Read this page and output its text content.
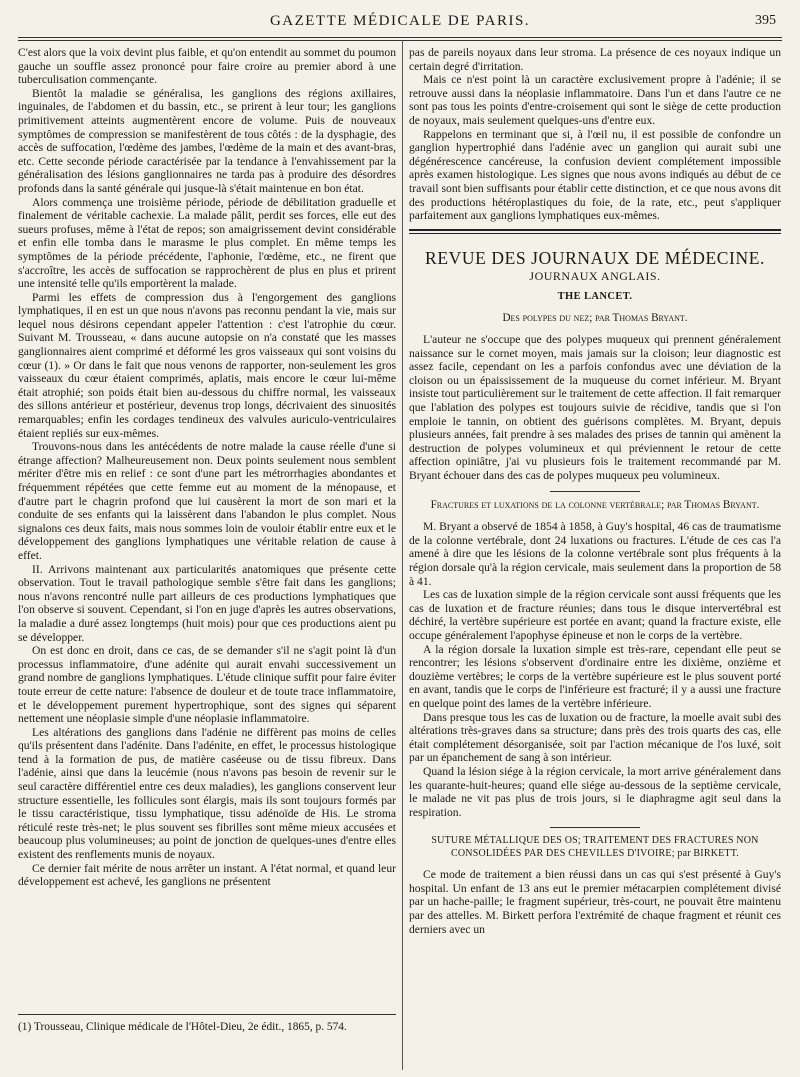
GAZETTE MÉDICALE DE PARIS.	395

C'est alors que la voix devint plus faible, et qu'on entendit au sommet du poumon gauche un souffle assez prononcé pour faire croire au premier abord à une tuberculisation commençante.

Bientôt la maladie se généralisa, les ganglions des régions axillaires, inguinales, de l'abdomen et du bassin, etc., se prirent à leur tour; les ganglions primitivement atteints augmentèrent encore de volume. Puis de nouveaux symptômes de compression se manifestèrent de tous côtés : de la dysphagie, des accès de suffocation, l'œdème des jambes, l'œdème de la main et des avant-bras, etc. Cette seconde période caractérisée par la tendance à l'envahissement par la généralisation des lésions ganglionnaires ne tarda pas à produire des désordres profonds dans la santé générale qui jusque-là s'était maintenue en bon état.

Alors commença une troisième période, période de débilitation graduelle et finalement de véritable cachexie. La malade pâlit, perdit ses forces, elle eut des sueurs profuses, même à l'état de repos; son amaigrissement devint considérable et enfin elle tomba dans le marasme le plus complet. En même temps les symptômes de la période précédente, l'aphonie, l'œdème, etc., ne firent que s'accroître, les accès de suffocation se rapprochèrent de plus en plus et prirent une intensité telle qu'ils emportèrent la malade.

Parmi les effets de compression dus à l'engorgement des ganglions lymphatiques, il en est un que nous n'avons pas reconnu pendant la vie, mais sur lequel nous désirons cependant appeler l'attention : c'est l'atrophie du cœur. Suivant M. Trousseau, « dans aucune autopsie on n'a constaté que les masses ganglionnaires aient comprimé et déformé les gros vaisseaux qui sont voisins du cœur (1). » Or dans le fait que nous venons de rapporter, non-seulement les gros vaisseaux du cœur étaient comprimés, aplatis, mais encore le cœur lui-même était atrophié; son poids était bien au-dessous du chiffre normal, les vaisseaux des sillons antérieur et postérieur, devenus trop longs, décrivaient des sinuosités remarquables; enfin les cordages tendineux des valvules auriculo-ventriculaires étaient repliés sur eux-mêmes.

Trouvons-nous dans les antécédents de notre malade la cause réelle d'une si étrange affection? Malheureusement non. Deux points seulement nous semblent mériter d'être mis en relief : ce sont d'une part les métrorrhagies abondantes et fréquemment répétées que cette femme eut au moment de la ménopause, et d'autre part le chagrin profond que lui causèrent la mort de son mari et la conduite de ses enfants qui la laissèrent dans l'abandon le plus complet. Nous signalons ces deux faits, mais nous sommes loin de vouloir établir entre eux et le développement des ganglions lymphatiques une véritable relation de cause à effet.

II. Arrivons maintenant aux particularités anatomiques que présente cette observation. Tout le travail pathologique semble s'être fait dans les ganglions; nous n'avons rencontré nulle part ailleurs de ces productions lymphatiques que l'on observe si souvent. Cependant, si l'on en juge d'après les autres observations, la maladie a duré assez longtemps (huit mois) pour que ces productions aient pu se développer.

On est donc en droit, dans ce cas, de se demander s'il ne s'agit point là d'un processus inflammatoire, d'une adénite qui aurait envahi successivement un grand nombre de ganglions lymphatiques. L'étude clinique suffit pour faire éviter toute erreur de cette nature: l'absence de douleur et de toute trace inflammatoire, et le développement purement hypertrophique, sont des signes qui séparent nettement une néoplasie simple d'une néoplasie inflammatoire.

Les altérations des ganglions dans l'adénie ne diffèrent pas moins de celles qu'ils présentent dans l'adénite. Dans l'adénite, en effet, le processus histologique tend à la formation de pus, de matière caséeuse ou de tissu fibreux. Dans l'adénie, ainsi que dans la leucémie (nous n'avons pas besoin de revenir sur le seul caractère différentiel entre ces deux maladies), les ganglions conservent leur structure essentielle, les follicules sont élargis, mais ils sont toujours formés par le tissu caractéristique, tissu lymphatique, tissu adénoïde de His. Le stroma réticulé reste très-net; le plus souvent ses fibrilles sont même mieux accusées et beaucoup plus volumineuses; au point de jonction de quelques-unes d'entre elles existent des renflements munis de noyaux.

Ce dernier fait mérite de nous arrêter un instant. A l'état normal, et quand leur développement est achevé, les ganglions ne présentent

(1) Trousseau, Clinique médicale de l'Hôtel-Dieu, 2e édit., 1865, p. 574.

pas de pareils noyaux dans leur stroma. La présence de ces noyaux indique un certain degré d'irritation.

Mais ce n'est point là un caractère exclusivement propre à l'adénie; il se retrouve aussi dans la néoplasie inflammatoire. Dans l'un et dans l'autre ce ne sont pas tous les points d'entre-croisement qui sont le siège de cette production de noyaux, mais seulement quelques-uns d'entre eux.

Rappelons en terminant que si, à l'œil nu, il est possible de confondre un ganglion hypertrophié dans l'adénie avec un ganglion qui aurait subi une dégénérescence cancéreuse, la confusion devient complétement impossible après examen histologique. Les signes que nous avons indiqués au début de ce travail sont bien suffisants pour établir cette distinction, et ce que nous avons dit des productions hétéroplastiques du foie, de la rate, etc., peut s'appliquer parfaitement aux ganglions lymphatiques eux-mêmes.

REVUE DES JOURNAUX DE MÉDECINE.
JOURNAUX ANGLAIS.
THE LANCET.
Des polypes du nez; par Thomas Bryant.

L'auteur ne s'occupe que des polypes muqueux qui prennent généralement naissance sur le cornet moyen, mais jamais sur la cloison; leur diagnostic est assez facile, cependant on les a parfois confondus avec une déviation de la cloison ou un épaississement de la muqueuse du cornet inférieur. M. Bryant insiste tout particulièrement sur le traitement de cette affection. Il fait remarquer que l'ablation des polypes est toujours suivie de récidive, tandis que si l'on emploie le tannin, on obtient des guérisons complètes. M. Bryant, depuis plusieurs années, fait prendre à ses malades des prises de tannin qui amènent la destruction de polypes volumineux et qui préviennent le retour de cette affection opiniâtre, j'ai vu plusieurs fois le traitement recommandé par M. Bryant échouer dans des cas de polypes muqueux peu volumineux.

Fractures et luxations de la colonne vertébrale; par Thomas Bryant.

M. Bryant a observé de 1854 à 1858, à Guy's hospital, 46 cas de traumatisme de la colonne vertébrale, dont 24 luxations ou fractures. L'étude de ces cas l'a amené à dire que les lésions de la colonne vertébrale sont plus fréquents à la région dorsale qu'à la région cervicale, mais seulement dans la proportion de 58 à 41.

Les cas de luxation simple de la région cervicale sont aussi fréquents que les cas de luxation et de fracture réunies; dans tous le disque intervertébral est déchiré, la vertèbre supérieure est portée en avant; quand la fracture existe, elle occupe généralement l'apophyse épineuse et non le corps de la vertèbre.

A la région dorsale la luxation simple est très-rare, cependant elle peut se rencontrer; les lésions s'observent d'ordinaire entre les dixième, onzième et douzième vertèbres; le corps de la vertèbre supérieure est le plus souvent porté en avant, tandis que le corps de l'inférieure est fracturé; il y a aussi une fracture en quelque point des lames de la vertèbre inférieure.

Dans presque tous les cas de luxation ou de fracture, la moelle avait subi des altérations très-graves dans sa structure; dans près des trois quarts des cas, elle était complétement désorganisée, soit par l'action mécanique de l'os luxé, soit par un épanchement de sang à son intérieur.

Quand la lésion siége à la région cervicale, la mort arrive généralement dans les quarante-huit-heures; quand elle siége au-dessous de la septième cervicale, le malade ne vit pas plus de trois jours, si le diaphragme agit seul dans la respiration.

SUTURE MÉTALLIQUE DES OS; TRAITEMENT DES FRACTURES NON CONSOLIDÉES PAR DES CHEVILLES D'IVOIRE; par BIRKETT.

Ce mode de traitement a bien réussi dans un cas qui s'est présenté à Guy's hospital. Un enfant de 13 ans eut le premier métacarpien complétement divisé par un hache-paille; le fragment supérieur, très-court, ne pouvait être maintenu par des attelles. M. Birkett perfora l'extrémité de chaque fragment et réunit ces derniers avec un
